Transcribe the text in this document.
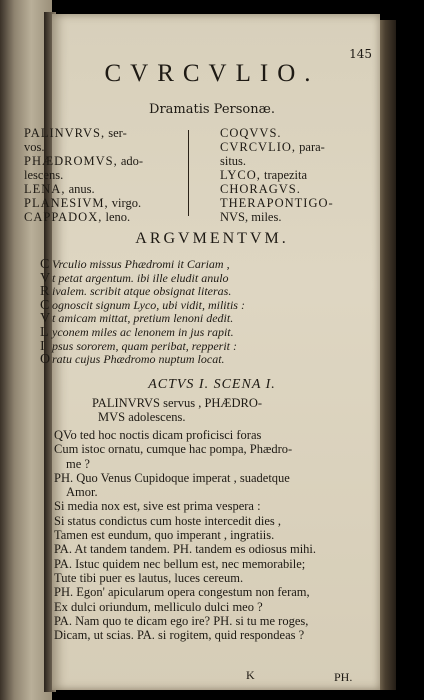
145
CVRCVLIO.
Dramatis Personæ.
PALINVRVS, ser-
vos.
PHÆDROMVS, ado-
lescens.
LENA, anus.
PLANESIVM, virgo.
CAPPADOX, leno.
COQVVS.
CVRCVLIO, para-
situs.
LYCO, trapezita
CHORAGVS.
THERAPONTIGO-
NVS, miles.
ARGVMENTVM.
C Vrculio missus Phædromi it Cariam ,
V t petat argentum. ibi ille eludit anulo
R ivalem. scribit atque obsignat literas.
C ognoscit signum Lyco, ubi vidit, militis :
V t amicam mittat, pretium lenoni dedit.
L yconem miles ac lenonem in jus rapit.
I psus sororem, quam peribat, repperit :
O ratu cujus Phædromo nuptum locat.
ACTVS I. SCENA I.
PALINVRVS servus , PHÆDRO-
MVS adolescens.
QVo ted hoc noctis dicam proficisci foras
Cum istoc ornatu, cumque hac pompa, Phædro-
me ?
PH. Quo Venus Cupidoque imperat , suadetque
Amor.
Si media nox est, sive est prima vespera :
Si status condictus cum hoste intercedit dies ,
Tamen est eundum, quo imperant , ingratiis.
PA. At tandem tandem. PH. tandem es odiosus mihi.
PA. Istuc quidem nec bellum est, nec memorabile;
Tute tibi puer es lautus, luces cereum.
PH. Egon' apicularum opera congestum non feram,
Ex dulci oriundum, melliculo dulci meo ?
PA. Nam quo te dicam ego ire? PH. si tu me roges,
Dicam, ut scias. PA. si rogitem, quid respondeas ?
K	PH.
